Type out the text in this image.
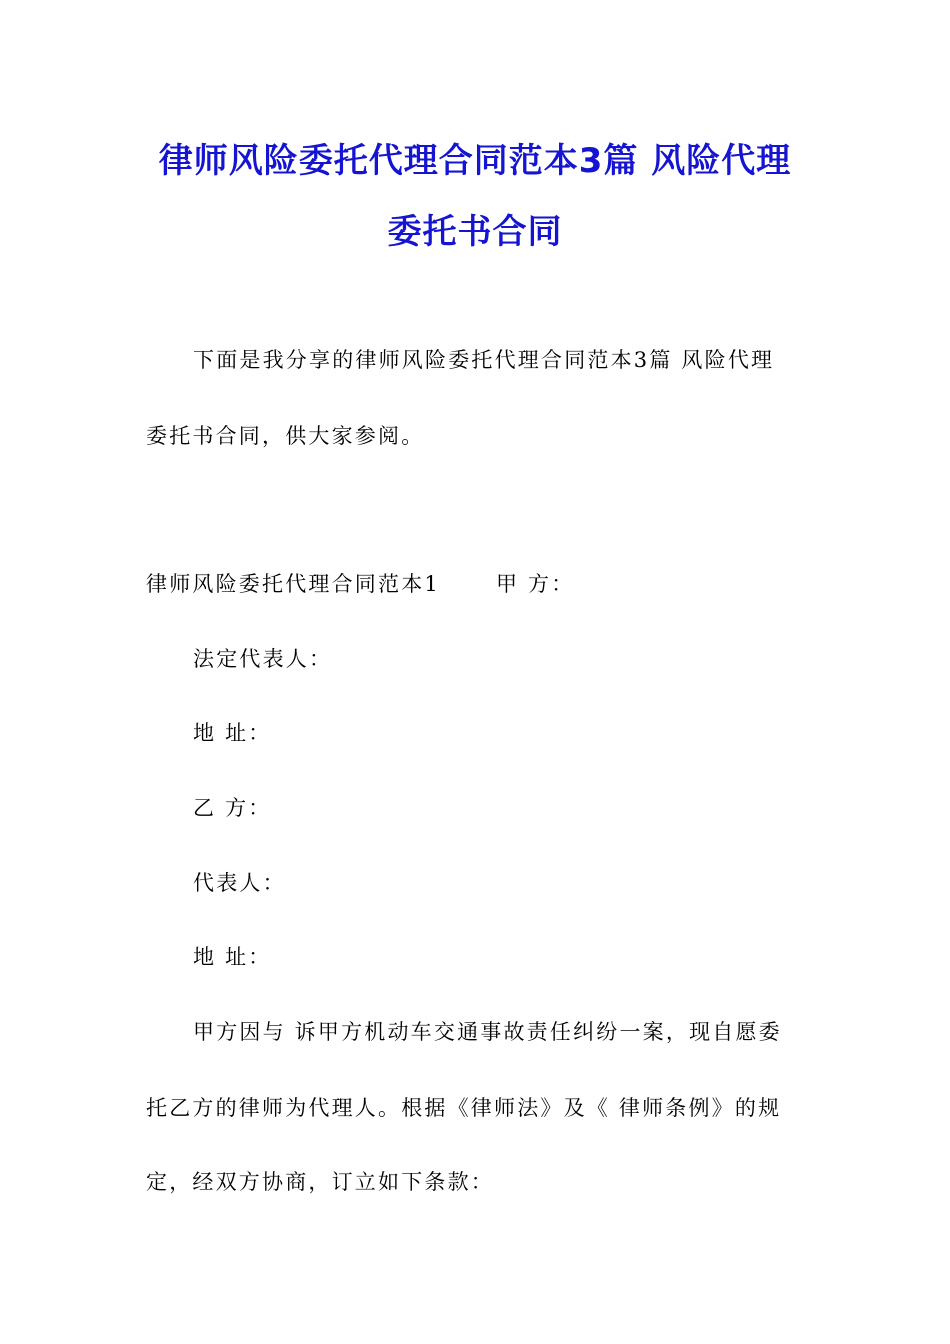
律师风险委托代理合同范本3篇 风险代理
委托书合同
下面是我分享的律师风险委托代理合同范本3篇 风险代理
委托书合同，供大家参阅。
律师风险委托代理合同范本1	甲 方：
法定代表人：
地 址：
乙 方：
代表人：
地 址：
甲方因与 诉甲方机动车交通事故责任纠纷一案，现自愿委
托乙方的律师为代理人。根据《律师法》及《 律师条例》的规
定，经双方协商，订立如下条款：
